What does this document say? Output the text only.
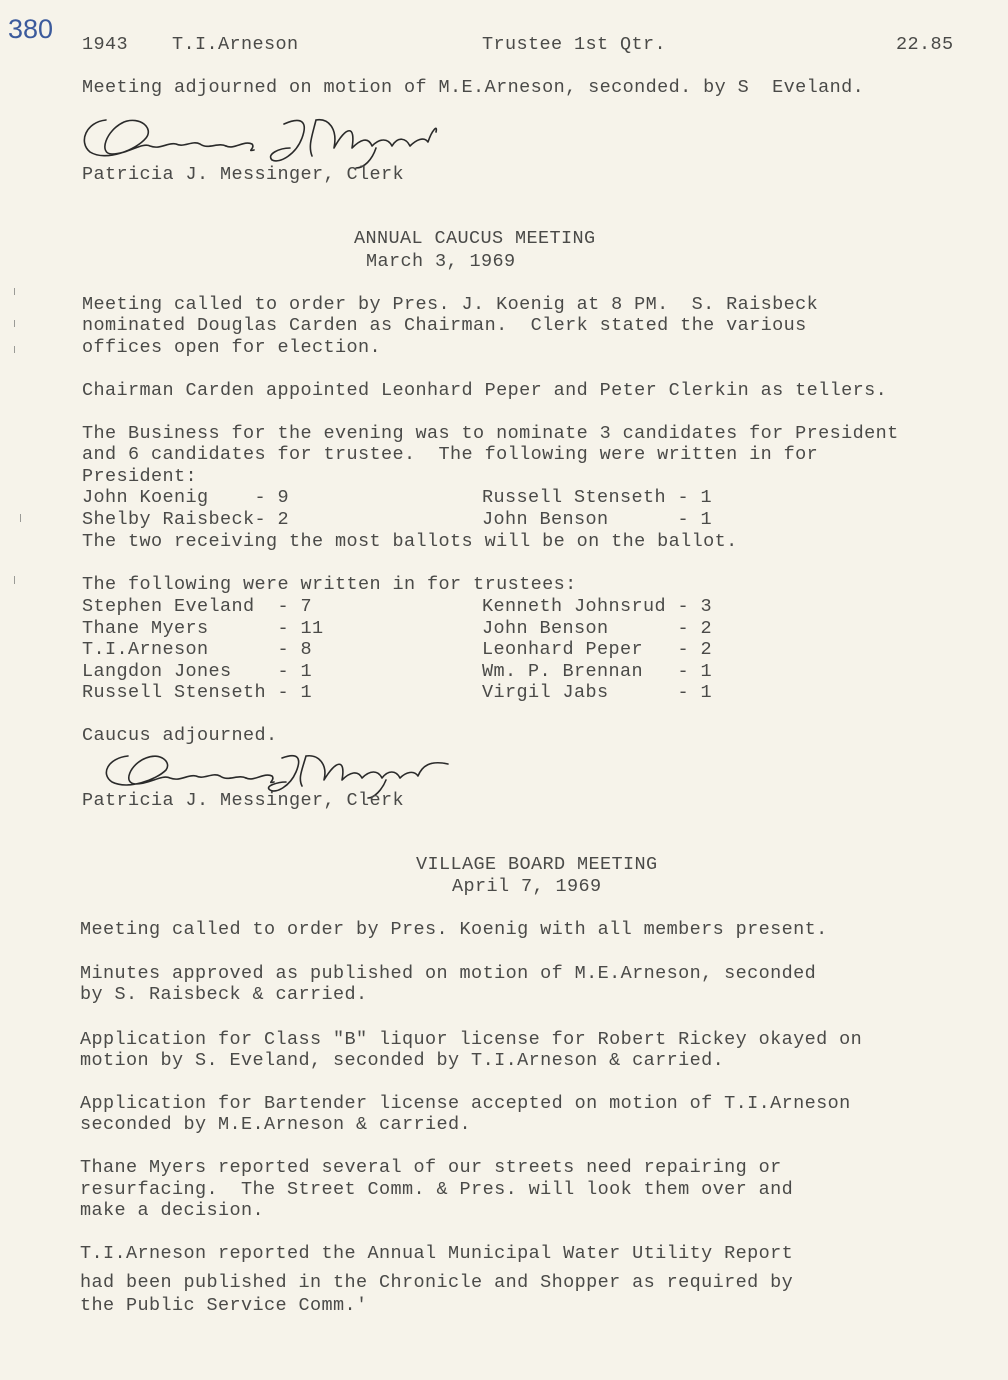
380
1943 T.I.Arneson	Trustee 1st Qtr.	22.85
Meeting adjourned on motion of M.E.Arneson, seconded. by S  Eveland.
Patricia J. Messinger, Clerk
ANNUAL CAUCUS MEETING
March 3, 1969
Meeting called to order by Pres. J. Koenig at 8 PM.  S. Raisbeck
nominated Douglas Carden as Chairman.  Clerk stated the various
offices open for election.
Chairman Carden appointed Leonhard Peper and Peter Clerkin as tellers.
The Business for the evening was to nominate 3 candidates for President
and 6 candidates for trustee.  The following were written in for
President:
John Koenig    - 9	Russell Stenseth - 1
Shelby Raisbeck- 2	John Benson      - 1
The two receiving the most ballots will be on the ballot.
The following were written in for trustees:
Stephen Eveland  - 7	Kenneth Johnsrud - 3
Thane Myers      - 11	John Benson      - 2
T.I.Arneson      - 8	Leonhard Peper   - 2
Langdon Jones    - 1	Wm. P. Brennan   - 1
Russell Stenseth - 1	Virgil Jabs      - 1
Caucus adjourned.
Patricia J. Messinger, Clerk
VILLAGE BOARD MEETING
April 7, 1969
Meeting called to order by Pres. Koenig with all members present.
Minutes approved as published on motion of M.E.Arneson, seconded
by S. Raisbeck & carried.
Application for Class "B" liquor license for Robert Rickey okayed on
motion by S. Eveland, seconded by T.I.Arneson & carried.
Application for Bartender license accepted on motion of T.I.Arneson
seconded by M.E.Arneson & carried.
Thane Myers reported several of our streets need repairing or
resurfacing.  The Street Comm. & Pres. will look them over and
make a decision.
T.I.Arneson reported the Annual Municipal Water Utility Report
had been published in the Chronicle and Shopper as required by
the Public Service Comm.'
